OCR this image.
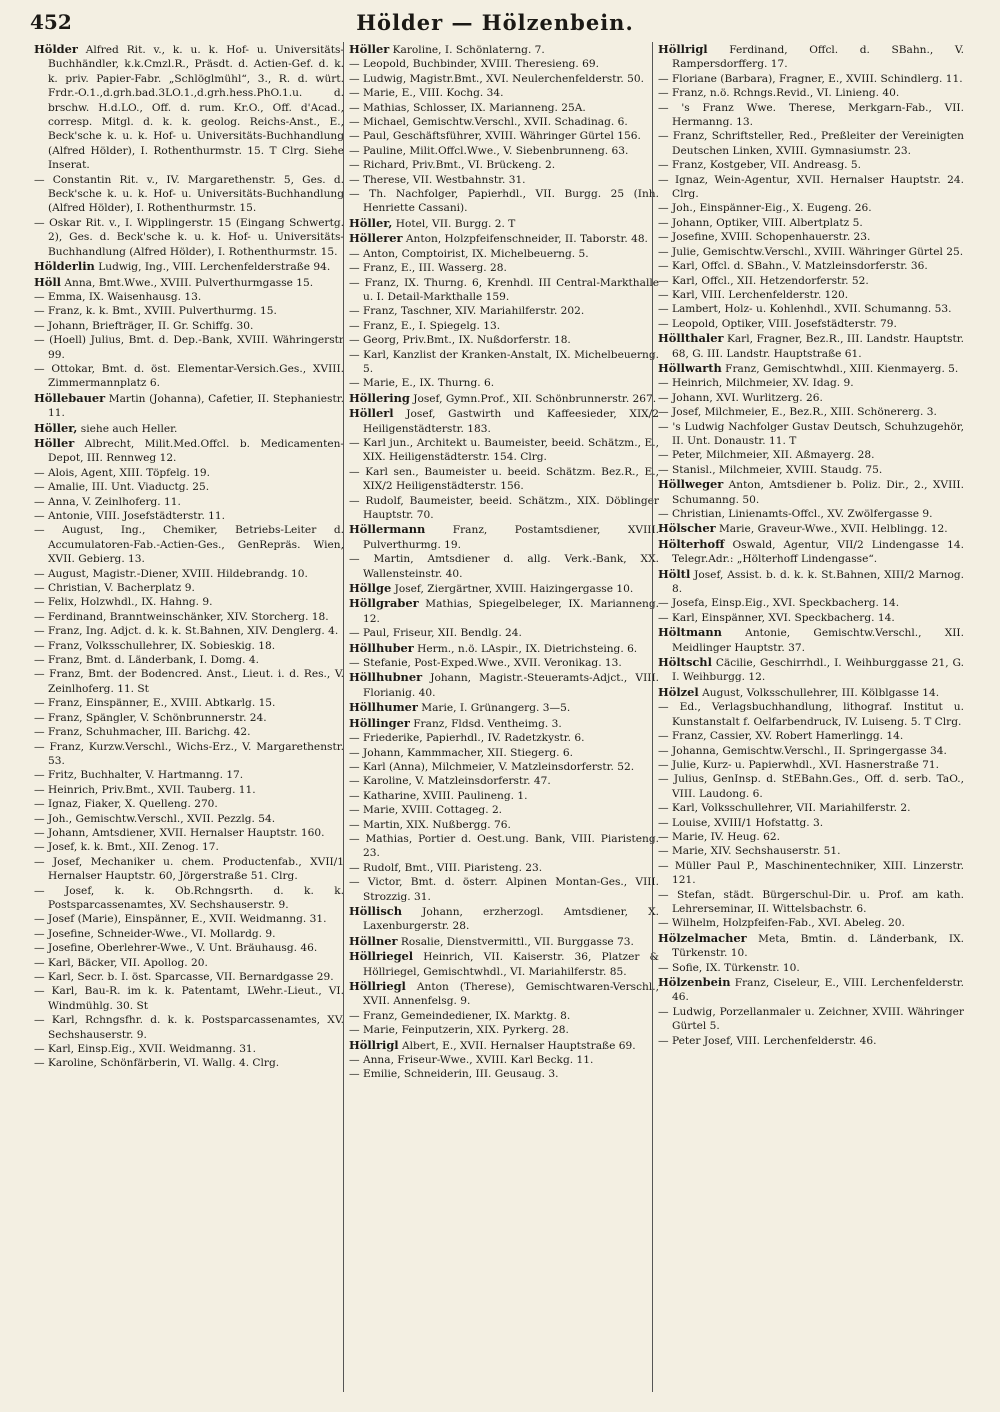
452	Hölder — Hölzenbein.

Hölder Alfred Rit. v., k. u. k. Hof- u. Universitäts-Buchhändler, k.k.Cmzl.R., Präsdt. d. Actien-Gef. d. k. k. priv. Papier-Fabr. „Schlöglmühl“, 3., R. d. würt. Frdr.-O.1.,d.grh.bad.3LO.1.,d.grh.hess.PhO.1.u. d. brschw. H.d.LO., Off. d. rum. Kr.O., Off. d'Acad., corresp. Mitgl. d. k. k. geolog. Reichs-Anst., E., Beck'sche k. u. k. Hof- u. Universitäts-Buchhandlung (Alfred Hölder), I. Rothenthurmstr. 15. T Clrg. Siehe Inserat.

— Constantin Rit. v., IV. Margarethenstr. 5, Ges. d. Beck'sche k. u. k. Hof- u. Universitäts-Buchhandlung (Alfred Hölder), I. Rothenthurmstr. 15.

— Oskar Rit. v., I. Wipplingerstr. 15 (Eingang Schwertg. 2), Ges. d. Beck'sche k. u. k. Hof- u. Universitäts-Buchhandlung (Alfred Hölder), I. Rothenthurmstr. 15.

Hölderlin Ludwig, Ing., VIII. Lerchenfelderstraße 94.

Höll Anna, Bmt.Wwe., XVIII. Pulverthurmgasse 15.

— Emma, IX. Waisenhausg. 13.

— Franz, k. k. Bmt., XVIII. Pulverthurmg. 15.

— Johann, Briefträger, II. Gr. Schiffg. 30.

— (Hoell) Julius, Bmt. d. Dep.-Bank, XVIII. Währingerstr 99.

— Ottokar, Bmt. d. öst. Elementar-Versich.Ges., XVIII. Zimmermannplatz 6.

Höllebauer Martin (Johanna), Cafetier, II. Stephaniestr. 11.

Höller, siehe auch Heller.

Höller Albrecht, Milit.Med.Offcl. b. Medicamenten-Depot, III. Rennweg 12.

— Alois, Agent, XIII. Töpfelg. 19.

— Amalie, III. Unt. Viaductg. 25.

— Anna, V. Zeinlhoferg. 11.

— Antonie, VIII. Josefstädterstr. 11.

— August, Ing., Chemiker, Betriebs-Leiter d. Accumulatoren-Fab.-Actien-Ges., GenRepräs. Wien, XVII. Gebierg. 13.

— August, Magistr.-Diener, XVIII. Hildebrandg. 10.

— Christian, V. Bacherplatz 9.

— Felix, Holzwhdl., IX. Hahng. 9.

— Ferdinand, Branntweinschänker, XIV. Storcherg. 18.

— Franz, Ing. Adjct. d. k. k. St.Bahnen, XIV. Denglerg. 4.

— Franz, Volksschullehrer, IX. Sobieskig. 18.

— Franz, Bmt. d. Länderbank, I. Domg. 4.

— Franz, Bmt. der Bodencred. Anst., Lieut. i. d. Res., V. Zeinlhoferg. 11. St

— Franz, Einspänner, E., XVIII. Abtkarlg. 15.

— Franz, Spängler, V. Schönbrunnerstr. 24.

— Franz, Schuhmacher, III. Barichg. 42.

— Franz, Kurzw.Verschl., Wichs-Erz., V. Margarethenstr. 53.

— Fritz, Buchhalter, V. Hartmanng. 17.

— Heinrich, Priv.Bmt., XVII. Tauberg. 11.

— Ignaz, Fiaker, X. Quelleng. 270.

— Joh., Gemischtw.Verschl., XVII. Pezzlg. 54.

— Johann, Amtsdiener, XVII. Hernalser Hauptstr. 160.

— Josef, k. k. Bmt., XII. Zenog. 17.

— Josef, Mechaniker u. chem. Productenfab., XVII/1 Hernalser Hauptstr. 60, Jörgerstraße 51. Clrg.

— Josef, k. k. Ob.Rchngsrth. d. k. k. Postsparcassenamtes, XV. Sechshauserstr. 9.

— Josef (Marie), Einspänner, E., XVII. Weidmanng. 31.

— Josefine, Schneider-Wwe., VI. Mollardg. 9.

— Josefine, Oberlehrer-Wwe., V. Unt. Bräuhausg. 46.

— Karl, Bäcker, VII. Apollog. 20.

— Karl, Secr. b. I. öst. Sparcasse, VII. Bernardgasse 29.

— Karl, Bau-R. im k. k. Patentamt, LWehr.-Lieut., VI. Windmühlg. 30. St

— Karl, Rchngsfhr. d. k. k. Postsparcassenamtes, XV. Sechshauserstr. 9.

— Karl, Einsp.Eig., XVII. Weidmanng. 31.

— Karoline, Schönfärberin, VI. Wallg. 4. Clrg.

Höller Karoline, I. Schönlaterng. 7.

— Leopold, Buchbinder, XVIII. Theresieng. 69.

— Ludwig, Magistr.Bmt., XVI. Neulerchenfelderstr. 50.

— Marie, E., VIII. Kochg. 34.

— Mathias, Schlosser, IX. Marianneng. 25A.

— Michael, Gemischtw.Verschl., XVII. Schadinag. 6.

— Paul, Geschäftsführer, XVIII. Währinger Gürtel 156.

— Pauline, Milit.Offcl.Wwe., V. Siebenbrunneng. 63.

— Richard, Priv.Bmt., VI. Brückeng. 2.

— Therese, VII. Westbahnstr. 31.

— Th. Nachfolger, Papierhdl., VII. Burgg. 25 (Inh. Henriette Cassani).

Höller, Hotel, VII. Burgg. 2. T

Höllerer Anton, Holzpfeifenschneider, II. Taborstr. 48.

— Anton, Comptoirist, IX. Michelbeuerng. 5.

— Franz, E., III. Wasserg. 28.

— Franz, IX. Thurng. 6, Krenhdl. III Central-Markthalle u. I. Detail-Markthalle 159.

— Franz, Taschner, XIV. Mariahilferstr. 202.

— Franz, E., I. Spiegelg. 13.

— Georg, Priv.Bmt., IX. Nußdorferstr. 18.

— Karl, Kanzlist der Kranken-Anstalt, IX. Michelbeuerng. 5.

— Marie, E., IX. Thurng. 6.

Höllering Josef, Gymn.Prof., XII. Schönbrunnerstr. 267.

Höllerl Josef, Gastwirth und Kaffeesieder, XIX/2 Heiligenstädterstr. 183.

— Karl jun., Architekt u. Baumeister, beeid. Schätzm., E., XIX. Heiligenstädterstr. 154. Clrg.

— Karl sen., Baumeister u. beeid. Schätzm. Bez.R., E., XIX/2 Heiligenstädterstr. 156.

— Rudolf, Baumeister, beeid. Schätzm., XIX. Döblinger Hauptstr. 70.

Höllermann Franz, Postamtsdiener, XVIII. Pulverthurmg. 19.

— Martin, Amtsdiener d. allg. Verk.-Bank, XX. Wallensteinstr. 40.

Höllge Josef, Ziergärtner, XVIII. Haizingergasse 10.

Höllgraber Mathias, Spiegelbeleger, IX. Marianneng. 12.

— Paul, Friseur, XII. Bendlg. 24.

Höllhuber Herm., n.ö. LAspir., IX. Dietrichsteing. 6.

— Stefanie, Post-Exped.Wwe., XVII. Veronikag. 13.

Höllhubner Johann, Magistr.-Steueramts-Adjct., VIII. Florianig. 40.

Höllhumer Marie, I. Grünangerg. 3—5.

Höllinger Franz, Fldsd. Ventheimg. 3.

— Friederike, Papierhdl., IV. Radetzkystr. 6.

— Johann, Kammmacher, XII. Stiegerg. 6.

— Karl (Anna), Milchmeier, V. Matzleinsdorferstr. 52.

— Karoline, V. Matzleinsdorferstr. 47.

— Katharine, XVIII. Paulineng. 1.

— Marie, XVIII. Cottageg. 2.

— Martin, XIX. Nußbergg. 76.

— Mathias, Portier d. Oest.ung. Bank, VIII. Piaristeng. 23.

— Rudolf, Bmt., VIII. Piaristeng. 23.

— Victor, Bmt. d. österr. Alpinen Montan-Ges., VIII. Strozzig. 31.

Höllisch Johann, erzherzogl. Amtsdiener, X. Laxenburgerstr. 28.

Höllner Rosalie, Dienstvermittl., VII. Burggasse 73.

Höllriegel Heinrich, VII. Kaiserstr. 36, Platzer & Höllriegel, Gemischtwhdl., VI. Mariahilferstr. 85.

Höllriegl Anton (Therese), Gemischtwaren-Verschl., XVII. Annenfelsg. 9.

— Franz, Gemeindediener, IX. Marktg. 8.

— Marie, Feinputzerin, XIX. Pyrkerg. 28.

Höllrigl Albert, E., XVII. Hernalser Hauptstraße 69.

— Anna, Friseur-Wwe., XVIII. Karl Beckg. 11.

— Emilie, Schneiderin, III. Geusaug. 3.

Höllrigl Ferdinand, Offcl. d. SBahn., V. Rampersdorfferg. 17.

— Floriane (Barbara), Fragner, E., XVIII. Schindlerg. 11.

— Franz, n.ö. Rchngs.Revid., VI. Linieng. 40.

— 's Franz Wwe. Therese, Merkgarn-Fab., VII. Hermanng. 13.

— Franz, Schriftsteller, Red., Preßleiter der Vereinigten Deutschen Linken, XVIII. Gymnasiumstr. 23.

— Franz, Kostgeber, VII. Andreasg. 5.

— Ignaz, Wein-Agentur, XVII. Hernalser Hauptstr. 24. Clrg.

— Joh., Einspänner-Eig., X. Eugeng. 26.

— Johann, Optiker, VIII. Albertplatz 5.

— Josefine, XVIII. Schopenhauerstr. 23.

— Julie, Gemischtw.Verschl., XVIII. Währinger Gürtel 25.

— Karl, Offcl. d. SBahn., V. Matzleinsdorferstr. 36.

— Karl, Offcl., XII. Hetzendorferstr. 52.

— Karl, VIII. Lerchenfelderstr. 120.

— Lambert, Holz- u. Kohlenhdl., XVII. Schumanng. 53.

— Leopold, Optiker, VIII. Josefstädterstr. 79.

Höllthaler Karl, Fragner, Bez.R., III. Landstr. Hauptstr. 68, G. III. Landstr. Hauptstraße 61.

Höllwarth Franz, Gemischtwhdl., XIII. Kienmayerg. 5.

— Heinrich, Milchmeier, XV. Idag. 9.

— Johann, XVI. Wurlitzerg. 26.

— Josef, Milchmeier, E., Bez.R., XIII. Schönererg. 3.

— 's Ludwig Nachfolger Gustav Deutsch, Schuhzugehör, II. Unt. Donaustr. 11. T

— Peter, Milchmeier, XII. Aßmayerg. 28.

— Stanisl., Milchmeier, XVIII. Staudg. 75.

Höllweger Anton, Amtsdiener b. Poliz. Dir., 2., XVIII. Schumanng. 50.

— Christian, Linienamts-Offcl., XV. Zwölfergasse 9.

Hölscher Marie, Graveur-Wwe., XVII. Helblingg. 12.

Hölterhoff Oswald, Agentur, VII/2 Lindengasse 14. Telegr.Adr.: „Hölterhoff Lindengasse“.

Höltl Josef, Assist. b. d. k. k. St.Bahnen, XIII/2 Marnog. 8.

— Josefa, Einsp.Eig., XVI. Speckbacherg. 14.

— Karl, Einspänner, XVI. Speckbacherg. 14.

Höltmann Antonie, Gemischtw.Verschl., XII. Meidlinger Hauptstr. 37.

Höltschl Cäcilie, Geschirrhdl., I. Weihburggasse 21, G. I. Weihburgg. 12.

Hölzel August, Volksschullehrer, III. Kölblgasse 14.

— Ed., Verlagsbuchhandlung, lithograf. Institut u. Kunstanstalt f. Oelfarbendruck, IV. Luiseng. 5. T Clrg.

— Franz, Cassier, XV. Robert Hamerlingg. 14.

— Johanna, Gemischtw.Verschl., II. Springergasse 34.

— Julie, Kurz- u. Papierwhdl., XVI. Hasnerstraße 71.

— Julius, GenInsp. d. StEBahn.Ges., Off. d. serb. TaO., VIII. Laudong. 6.

— Karl, Volksschullehrer, VII. Mariahilferstr. 2.

— Louise, XVIII/1 Hofstattg. 3.

— Marie, IV. Heug. 62.

— Marie, XIV. Sechshauserstr. 51.

— Müller Paul P., Maschinentechniker, XIII. Linzerstr. 121.

— Stefan, städt. Bürgerschul-Dir. u. Prof. am kath. Lehrerseminar, II. Wittelsbachstr. 6.

— Wilhelm, Holzpfeifen-Fab., XVI. Abeleg. 20.

Hölzelmacher Meta, Bmtin. d. Länderbank, IX. Türkenstr. 10.

— Sofie, IX. Türkenstr. 10.

Hölzenbein Franz, Ciseleur, E., VIII. Lerchenfelderstr. 46.

— Ludwig, Porzellanmaler u. Zeichner, XVIII. Währinger Gürtel 5.

— Peter Josef, VIII. Lerchenfelderstr. 46.
